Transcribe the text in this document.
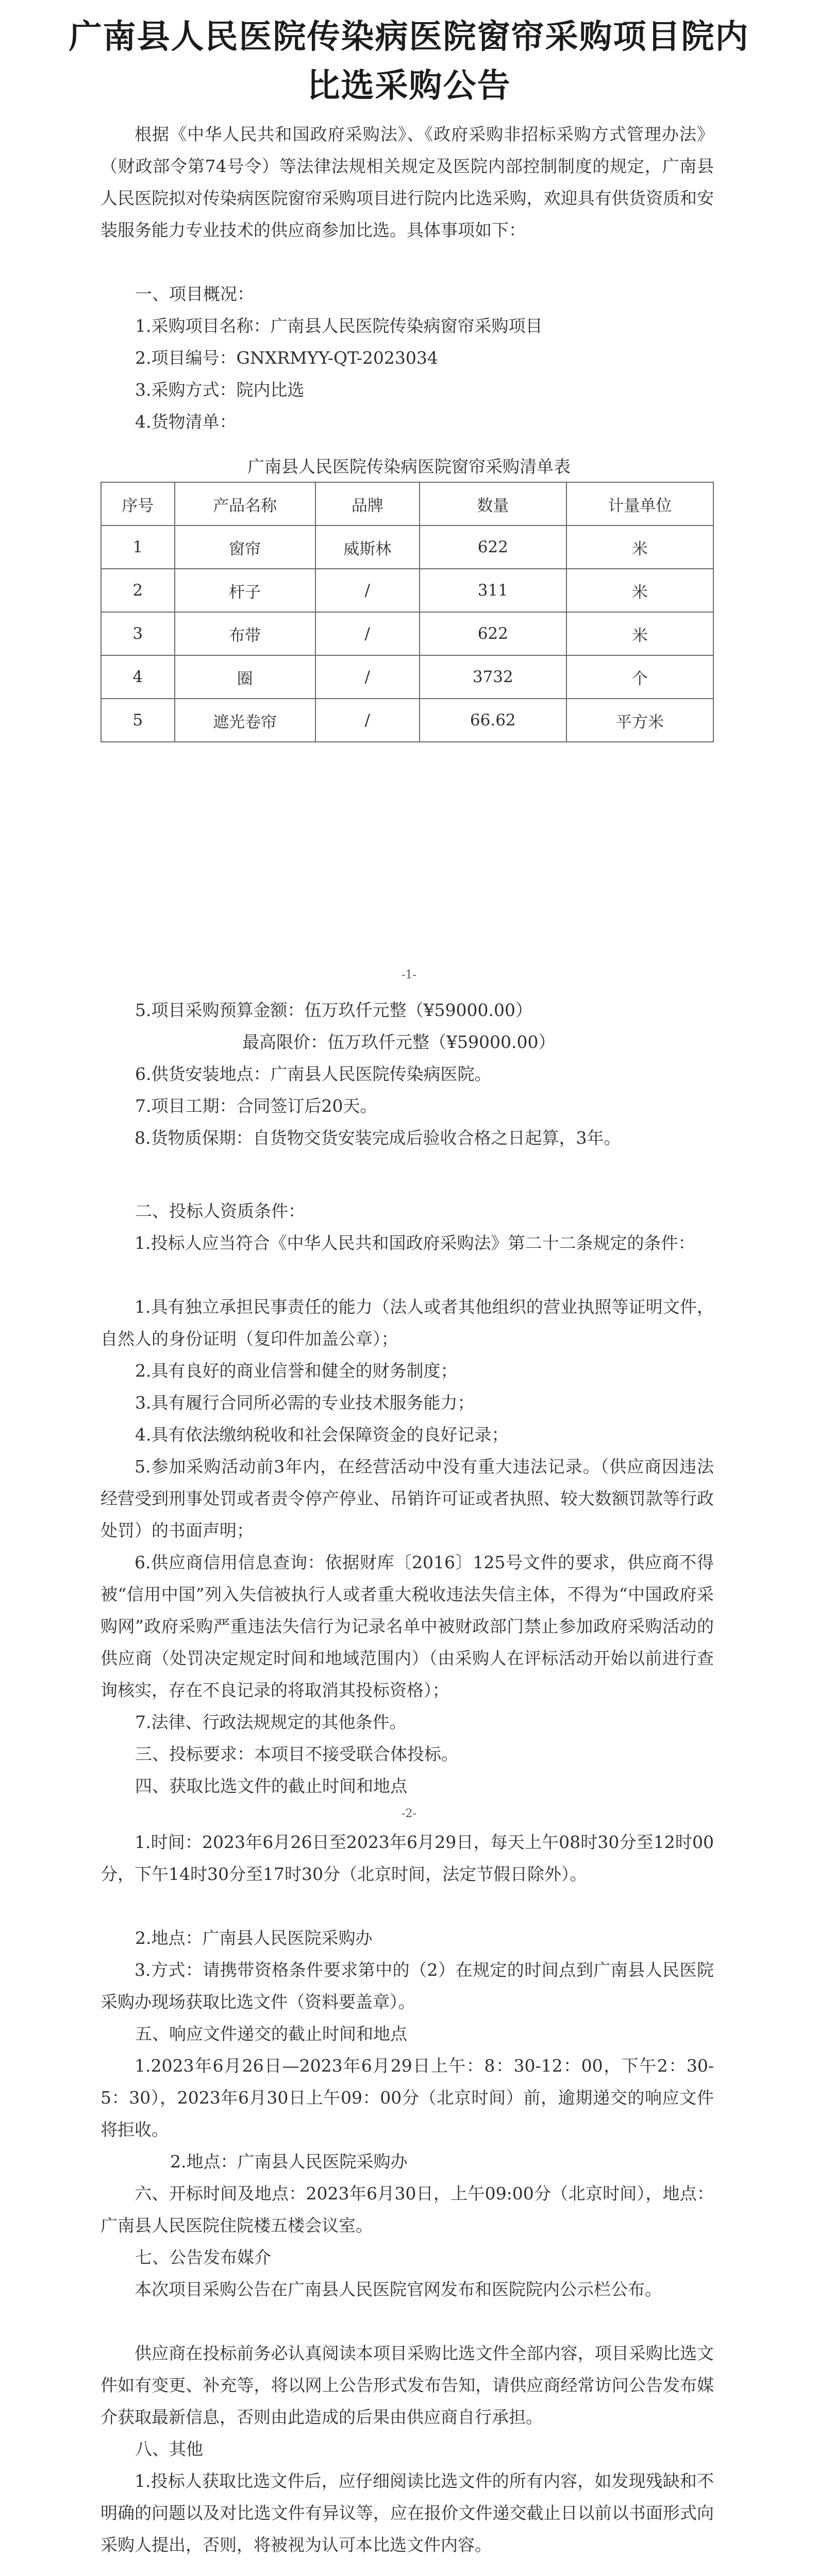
广南县人民医院传染病医院窗帘采购项目院内
比选采购公告

根据《中华人民共和国政府采购法》、《政府采购非招标采购方式管理办法》（财政部令第74号令）等法律法规相关规定及医院内部控制制度的规定，广南县人民医院拟对传染病医院窗帘采购项目进行院内比选采购，欢迎具有供货资质和安装服务能力专业技术的供应商参加比选。具体事项如下：

一、项目概况：

1.采购项目名称：广南县人民医院传染病窗帘采购项目

2.项目编号：GNXRMYY-QT-2023034

3.采购方式：院内比选

4.货物清单：

广南县人民医院传染病医院窗帘采购清单表
序号	产品名称	品牌	数量	计量单位
1	窗帘	威斯林	622	米
2	杆子	/	311	米
3	布带	/	622	米
4	圈	/	3732	个
5	遮光卷帘	/	66.62	平方米
-1-

5.项目采购预算金额：伍万玖仟元整（¥59000.00）

最高限价：伍万玖仟元整（¥59000.00）

6.供货安装地点：广南县人民医院传染病医院。

7.项目工期：合同签订后20天。

8.货物质保期：自货物交货安装完成后验收合格之日起算，3年。

二、投标人资质条件：

1.投标人应当符合《中华人民共和国政府采购法》第二十二条规定的条件：

1.具有独立承担民事责任的能力（法人或者其他组织的营业执照等证明文件，自然人的身份证明（复印件加盖公章）；

2.具有良好的商业信誉和健全的财务制度；

3.具有履行合同所必需的专业技术服务能力；

4.具有依法缴纳税收和社会保障资金的良好记录；

5.参加采购活动前3年内，在经营活动中没有重大违法记录。（供应商因违法经营受到刑事处罚或者责令停产停业、吊销许可证或者执照、较大数额罚款等行政处罚）的书面声明；

6.供应商信用信息查询：依据财库〔2016〕125号文件的要求，供应商不得被“信用中国”列入失信被执行人或者重大税收违法失信主体，不得为“中国政府采购网”政府采购严重违法失信行为记录名单中被财政部门禁止参加政府采购活动的供应商（处罚决定规定时间和地域范围内）（由采购人在评标活动开始以前进行查询核实，存在不良记录的将取消其投标资格）；

7.法律、行政法规规定的其他条件。

三、投标要求：本项目不接受联合体投标。

四、获取比选文件的截止时间和地点

-2-

1.时间：2023年6月26日至2023年6月29日，每天上午08时30分至12时00分，下午14时30分至17时30分（北京时间，法定节假日除外）。

2.地点：广南县人民医院采购办

3.方式：请携带资格条件要求第中的（2）在规定的时间点到广南县人民医院采购办现场获取比选文件（资料要盖章）。

五、响应文件递交的截止时间和地点

1.2023年6月26日—2023年6月29日上午：8：30-12：00，下午2：30-5：30），2023年6月30日上午09：00分（北京时间）前，逾期递交的响应文件将拒收。

2.地点：广南县人民医院采购办

六、开标时间及地点：2023年6月30日，上午09:00分（北京时间），地点：广南县人民医院住院楼五楼会议室。

七、公告发布媒介

本次项目采购公告在广南县人民医院官网发布和医院院内公示栏公布。

供应商在投标前务必认真阅读本项目采购比选文件全部内容，项目采购比选文件如有变更、补充等，将以网上公告形式发布告知，请供应商经常访问公告发布媒介获取最新信息，否则由此造成的后果由供应商自行承担。

八、其他

1.投标人获取比选文件后，应仔细阅读比选文件的所有内容，如发现残缺和不明确的问题以及对比选文件有异议等，应在报价文件递交截止日以前以书面形式向采购人提出，否则，将被视为认可本比选文件内容。
